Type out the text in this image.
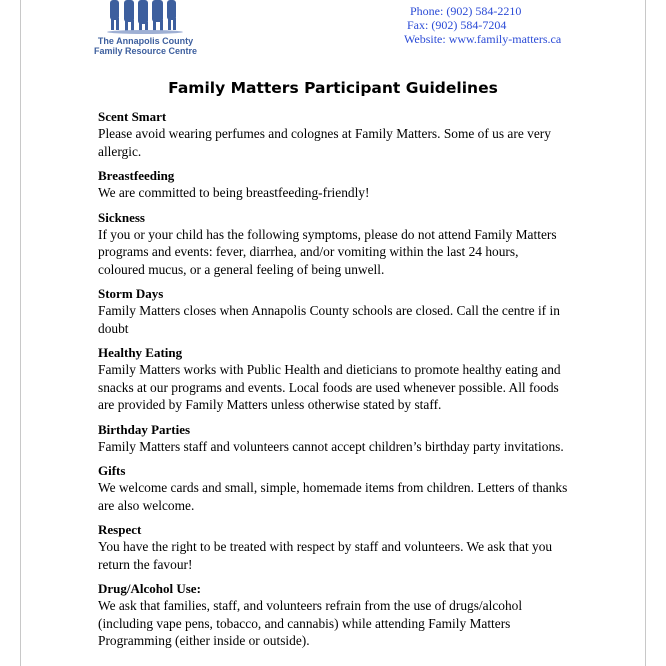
The Annapolis County
Family Resource Centre
Phone: (902) 584-2210
Fax: (902) 584-7204
Website: www.family-matters.ca
Family Matters Participant Guidelines
Scent Smart
Please avoid wearing perfumes and colognes at Family Matters. Some of us are very allergic.
Breastfeeding
We are committed to being breastfeeding-friendly!
Sickness
If you or your child has the following symptoms, please do not attend Family Matters programs and events: fever, diarrhea, and/or vomiting within the last 24 hours, coloured mucus, or a general feeling of being unwell.
Storm Days
Family Matters closes when Annapolis County schools are closed. Call the centre if in doubt
Healthy Eating
Family Matters works with Public Health and dieticians to promote healthy eating and snacks at our programs and events. Local foods are used whenever possible. All foods are provided by Family Matters unless otherwise stated by staff.
Birthday Parties
Family Matters staff and volunteers cannot accept children’s birthday party invitations.
Gifts
We welcome cards and small, simple, homemade items from children. Letters of thanks are also welcome.
Respect
You have the right to be treated with respect by staff and volunteers. We ask that you return the favour!
Drug/Alcohol Use:
We ask that families, staff, and volunteers refrain from the use of drugs/alcohol (including vape pens, tobacco, and cannabis) while attending Family Matters Programming (either inside or outside).
